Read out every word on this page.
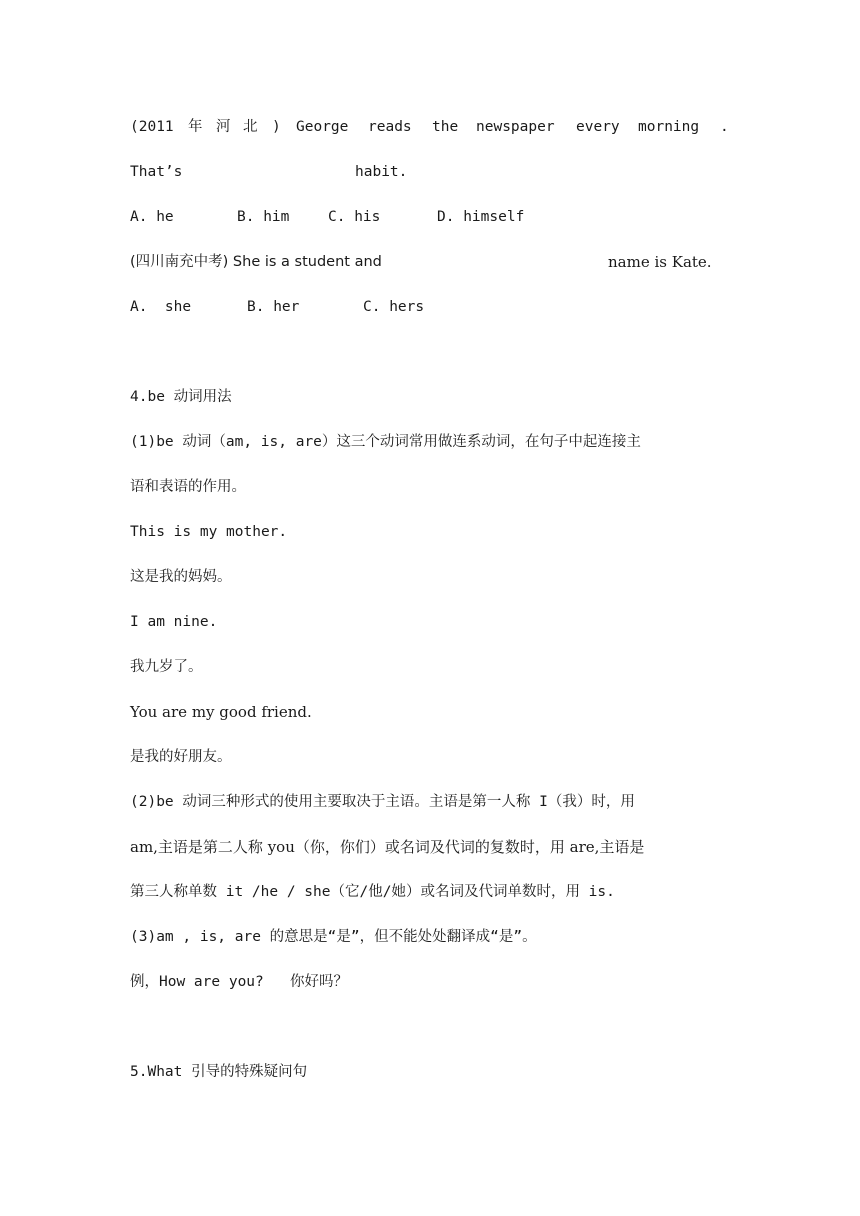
(2011 年 河 北 ) George reads the newspaper every morning .
That’s	habit.
A. he	B. him	C. his	D. himself
(四川南充中考) She is a student and	name is Kate.
A.  she	B. her	C. hers
4.be 动词用法
(1)be 动词（am, is, are）这三个动词常用做连系动词，在句子中起连接主
语和表语的作用。
This is my mother.
这是我的妈妈。
I am nine.
我九岁了。
You are my good friend.
是我的好朋友。
(2)be 动词三种形式的使用主要取决于主语。主语是第一人称 I（我）时，用
am,主语是第二人称 you（你，你们）或名词及代词的复数时，用 are,主语是
第三人称单数 it /he / she（它/他/她）或名词及代词单数时，用 is.
(3)am , is, are 的意思是“是”，但不能处处翻译成“是”。
例，How are you?   你好吗？
5.What 引导的特殊疑问句
